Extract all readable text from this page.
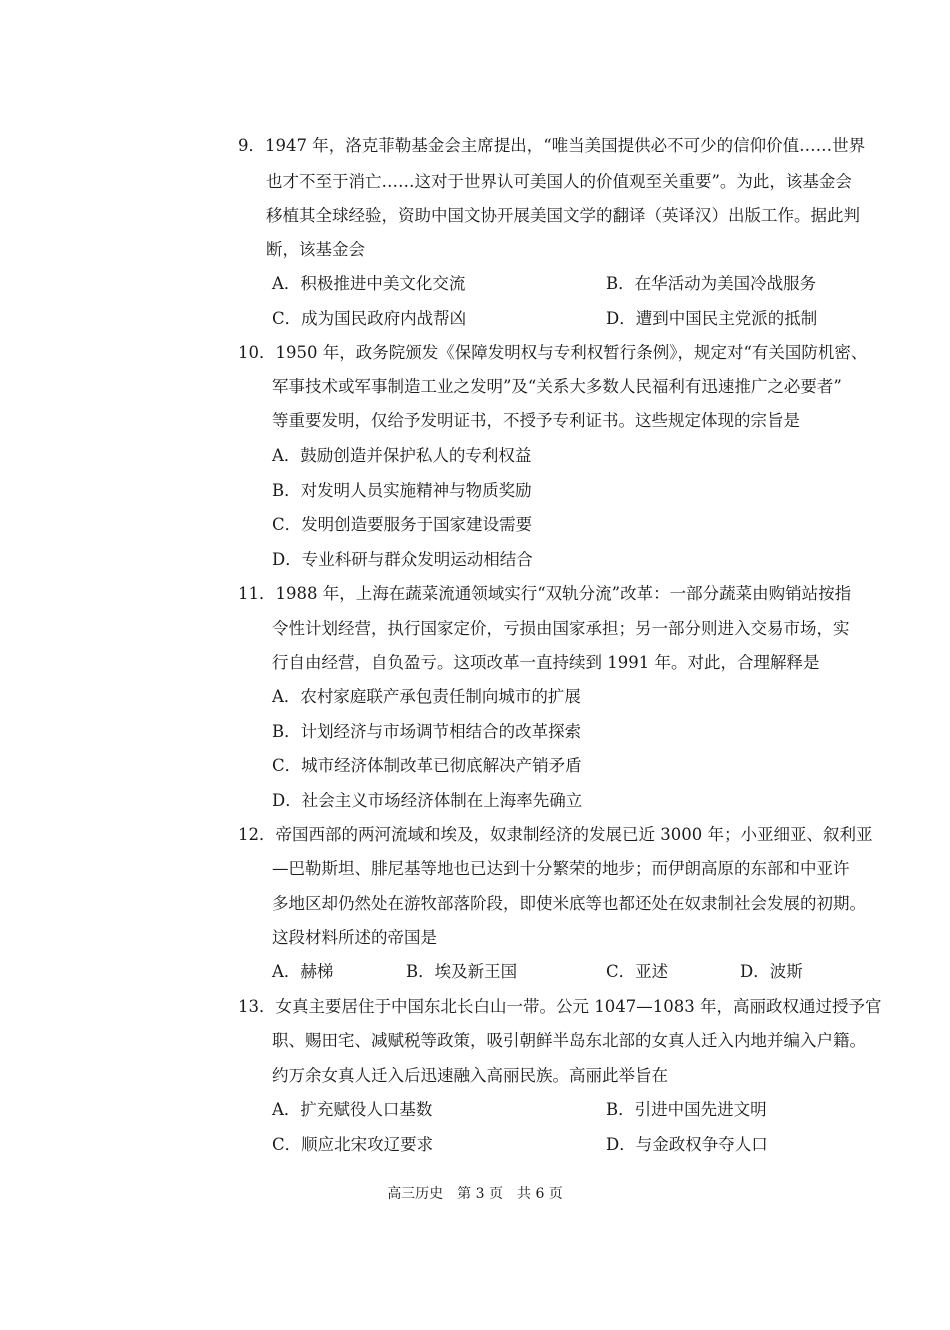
9．1947 年，洛克菲勒基金会主席提出，“唯当美国提供必不可少的信仰价值……世界
也才不至于消亡……这对于世界认可美国人的价值观至关重要”。为此，该基金会
移植其全球经验，资助中国文协开展美国文学的翻译（英译汉）出版工作。据此判
断，该基金会
A．积极推进中美文化交流	B．在华活动为美国冷战服务
C．成为国民政府内战帮凶	D．遭到中国民主党派的抵制
10．1950 年，政务院颁发《保障发明权与专利权暂行条例》，规定对“有关国防机密、
军事技术或军事制造工业之发明”及“关系大多数人民福利有迅速推广之必要者”
等重要发明，仅给予发明证书，不授予专利证书。这些规定体现的宗旨是
A．鼓励创造并保护私人的专利权益
B．对发明人员实施精神与物质奖励
C．发明创造要服务于国家建设需要
D．专业科研与群众发明运动相结合
11．1988 年，上海在蔬菜流通领域实行“双轨分流”改革：一部分蔬菜由购销站按指
令性计划经营，执行国家定价，亏损由国家承担；另一部分则进入交易市场，实
行自由经营，自负盈亏。这项改革一直持续到 1991 年。对此，合理解释是
A．农村家庭联产承包责任制向城市的扩展
B．计划经济与市场调节相结合的改革探索
C．城市经济体制改革已彻底解决产销矛盾
D．社会主义市场经济体制在上海率先确立
12．帝国西部的两河流域和埃及，奴隶制经济的发展已近 3000 年；小亚细亚、叙利亚
—巴勒斯坦、腓尼基等地也已达到十分繁荣的地步；而伊朗高原的东部和中亚许
多地区却仍然处在游牧部落阶段，即使米底等也都还处在奴隶制社会发展的初期。
这段材料所述的帝国是
A．赫梯	B．埃及新王国	C．亚述	D．波斯
13．女真主要居住于中国东北长白山一带。公元 1047—1083 年，高丽政权通过授予官
职、赐田宅、减赋税等政策，吸引朝鲜半岛东北部的女真人迁入内地并编入户籍。
约万余女真人迁入后迅速融入高丽民族。高丽此举旨在
A．扩充赋役人口基数	B．引进中国先进文明
C．顺应北宋攻辽要求	D．与金政权争夺人口
高三历史　第 3 页　共 6 页
